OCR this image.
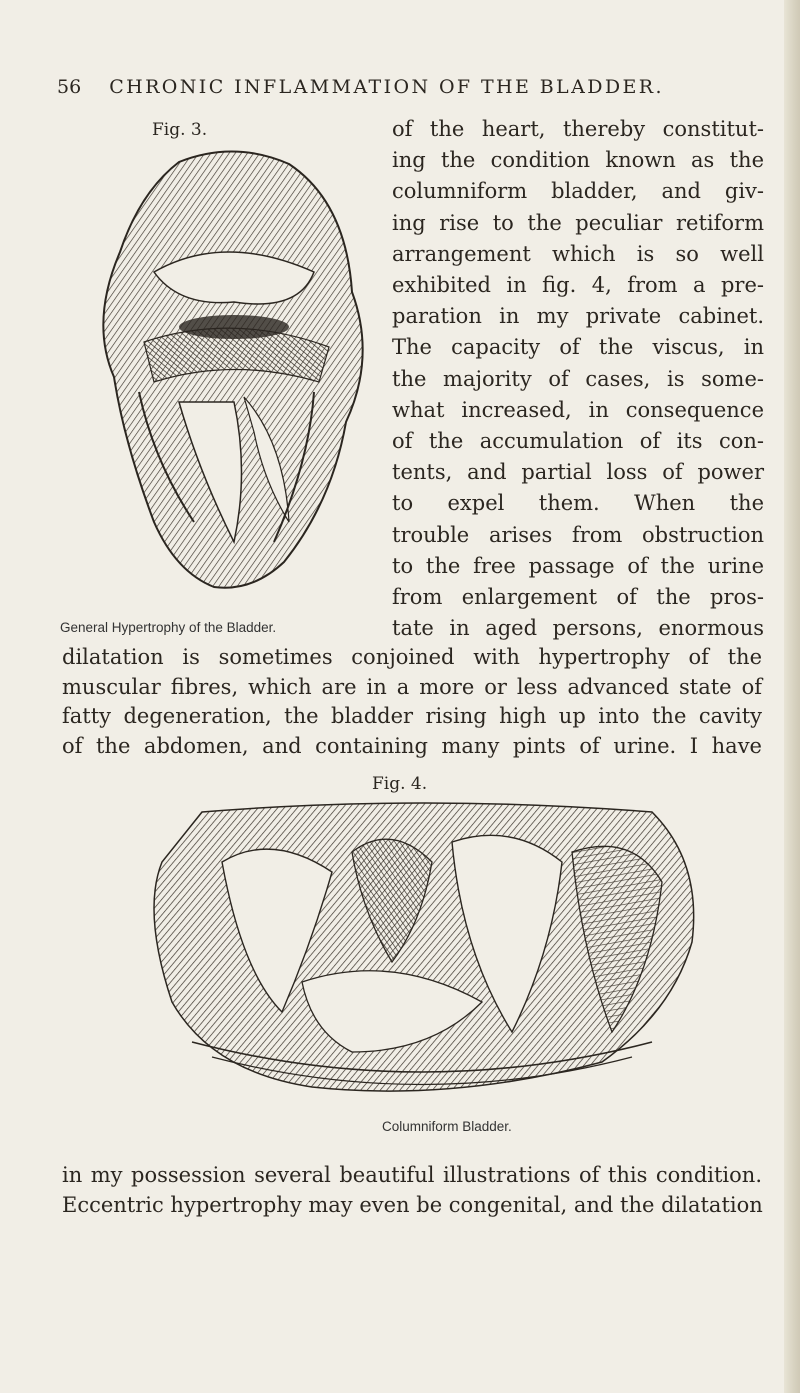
56 CHRONIC INFLAMMATION OF THE BLADDER.
Fig. 3.
General Hypertrophy of the Bladder.
of the heart, thereby constitut-
ing the condition known as the
columniform bladder, and giv-
ing rise to the peculiar retiform
arrangement which is so well
exhibited in fig. 4, from a pre-
paration in my private cabinet.
The capacity of the viscus, in
the majority of cases, is some-
what increased, in consequence
of the accumulation of its con-
tents, and partial loss of power
to expel them. When the
trouble arises from obstruction
to the free passage of the urine
from enlargement of the pros-
tate in aged persons, enormous
dilatation is sometimes conjoined with hypertrophy of the
muscular fibres, which are in a more or less advanced state of
fatty degeneration, the bladder rising high up into the cavity
of the abdomen, and containing many pints of urine. I have
Fig. 4.
Columniform Bladder.
in my possession several beautiful illustrations of this condition.
Eccentric hypertrophy may even be congenital, and the dilatation
